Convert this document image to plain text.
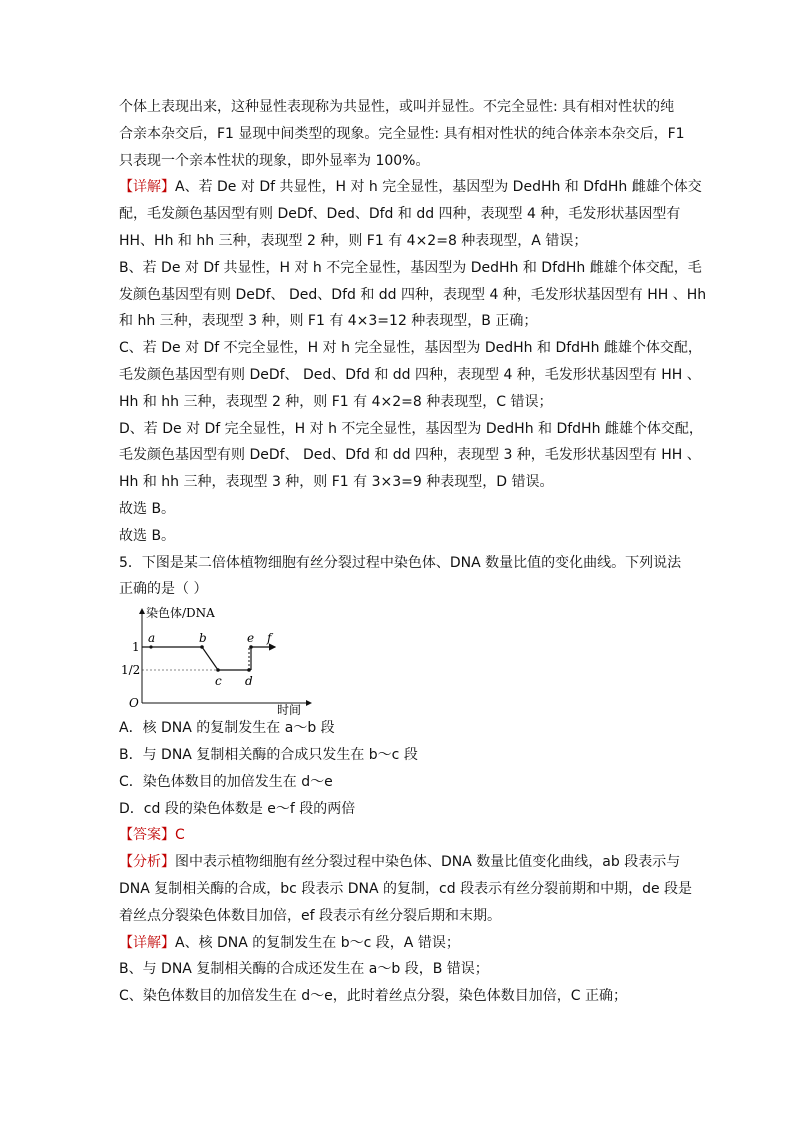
个体上表现出来，这种显性表现称为共显性，或叫并显性。不完全显性: 具有相对性状的纯
合亲本杂交后，F1 显现中间类型的现象。完全显性: 具有相对性状的纯合体亲本杂交后，F1
只表现一个亲本性状的现象，即外显率为 100%。
【详解】A、若 De 对 Df 共显性，H 对 h 完全显性，基因型为 DedHh 和 DfdHh 雌雄个体交
配，毛发颜色基因型有则 DeDf、Ded、Dfd 和 dd 四种，表现型 4 种，毛发形状基因型有
HH、Hh 和 hh 三种，表现型 2 种，则 F1 有 4×2=8 种表现型，A 错误；
B、若 De 对 Df 共显性，H 对 h 不完全显性，基因型为 DedHh 和 DfdHh 雌雄个体交配，毛
发颜色基因型有则 DeDf、 Ded、Dfd 和 dd 四种，表现型 4 种，毛发形状基因型有 HH 、Hh
和 hh 三种，表现型 3 种，则 F1 有 4×3=12 种表现型，B 正确；
C、若 De 对 Df 不完全显性，H 对 h 完全显性，基因型为 DedHh 和 DfdHh 雌雄个体交配，
毛发颜色基因型有则 DeDf、 Ded、Dfd 和 dd 四种，表现型 4 种，毛发形状基因型有 HH 、
Hh 和 hh 三种，表现型 2 种，则 F1 有 4×2=8 种表现型，C 错误；
D、若 De 对 Df 完全显性，H 对 h 不完全显性，基因型为 DedHh 和 DfdHh 雌雄个体交配，
毛发颜色基因型有则 DeDf、 Ded、Dfd 和 dd 四种，表现型 3 种，毛发形状基因型有 HH 、
Hh 和 hh 三种，表现型 3 种，则 F1 有 3×3=9 种表现型，D 错误。
故选 B。
故选 B。
5．下图是某二倍体植物细胞有丝分裂过程中染色体、DNA 数量比值的变化曲线。下列说法
正确的是（ ）
染色体/DNA
1
1/2
O	时间
a	b
c d
e f
A．核 DNA 的复制发生在 a～b 段
B．与 DNA 复制相关酶的合成只发生在 b～c 段
C．染色体数目的加倍发生在 d～e
D．cd 段的染色体数是 e～f 段的两倍
【答案】C
【分析】图中表示植物细胞有丝分裂过程中染色体、DNA 数量比值变化曲线，ab 段表示与
DNA 复制相关酶的合成，bc 段表示 DNA 的复制，cd 段表示有丝分裂前期和中期，de 段是
着丝点分裂染色体数目加倍，ef 段表示有丝分裂后期和末期。
【详解】A、核 DNA 的复制发生在 b～c 段，A 错误；
B、与 DNA 复制相关酶的合成还发生在 a～b 段，B 错误；
C、染色体数目的加倍发生在 d～e，此时着丝点分裂，染色体数目加倍，C 正确；
